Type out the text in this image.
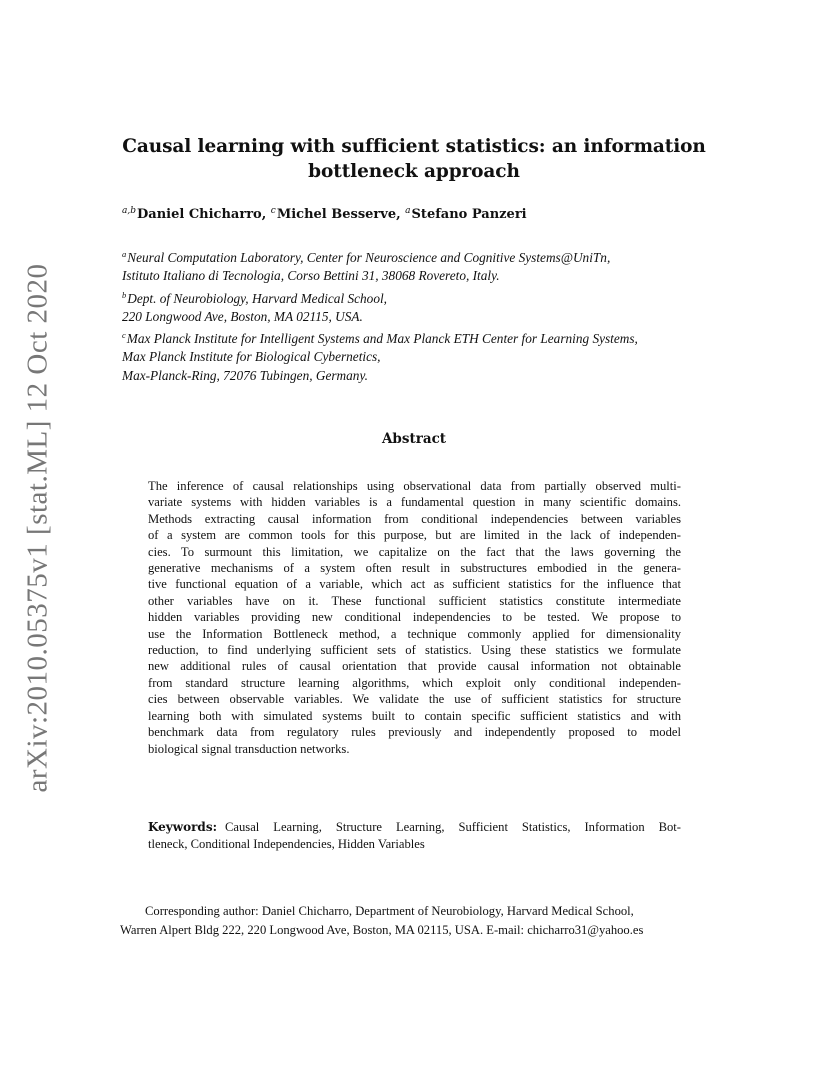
arXiv:2010.05375v1 [stat.ML] 12 Oct 2020
Causal learning with sufficient statistics: an information
bottleneck approach
$^{a,b}$Daniel Chicharro, $^c$Michel Besserve, $^a$Stefano Panzeri
$^a$Neural Computation Laboratory, Center for Neuroscience and Cognitive Systems@UniTn,
Istituto Italiano di Tecnologia, Corso Bettini 31, 38068 Rovereto, Italy.
$^b$Dept. of Neurobiology, Harvard Medical School,
220 Longwood Ave, Boston, MA 02115, USA.
$^c$Max Planck Institute for Intelligent Systems and Max Planck ETH Center for Learning Systems,
Max Planck Institute for Biological Cybernetics,
Max-Planck-Ring, 72076 Tubingen, Germany.
Abstract
The inference of causal relationships using observational data from partially observed multi-
variate systems with hidden variables is a fundamental question in many scientific domains.
Methods extracting causal information from conditional independencies between variables
of a system are common tools for this purpose, but are limited in the lack of independen-
cies. To surmount this limitation, we capitalize on the fact that the laws governing the
generative mechanisms of a system often result in substructures embodied in the genera-
tive functional equation of a variable, which act as sufficient statistics for the influence that
other variables have on it. These functional sufficient statistics constitute intermediate
hidden variables providing new conditional independencies to be tested. We propose to
use the Information Bottleneck method, a technique commonly applied for dimensionality
reduction, to find underlying sufficient sets of statistics. Using these statistics we formulate
new additional rules of causal orientation that provide causal information not obtainable
from standard structure learning algorithms, which exploit only conditional independen-
cies between observable variables. We validate the use of sufficient statistics for structure
learning both with simulated systems built to contain specific sufficient statistics and with
benchmark data from regulatory rules previously and independently proposed to model
biological signal transduction networks.
Keywords: Causal Learning, Structure Learning, Sufficient Statistics, Information Bot-
tleneck, Conditional Independencies, Hidden Variables
Corresponding author: Daniel Chicharro, Department of Neurobiology, Harvard Medical School,
Warren Alpert Bldg 222, 220 Longwood Ave, Boston, MA 02115, USA. E-mail: chicharro31@yahoo.es
